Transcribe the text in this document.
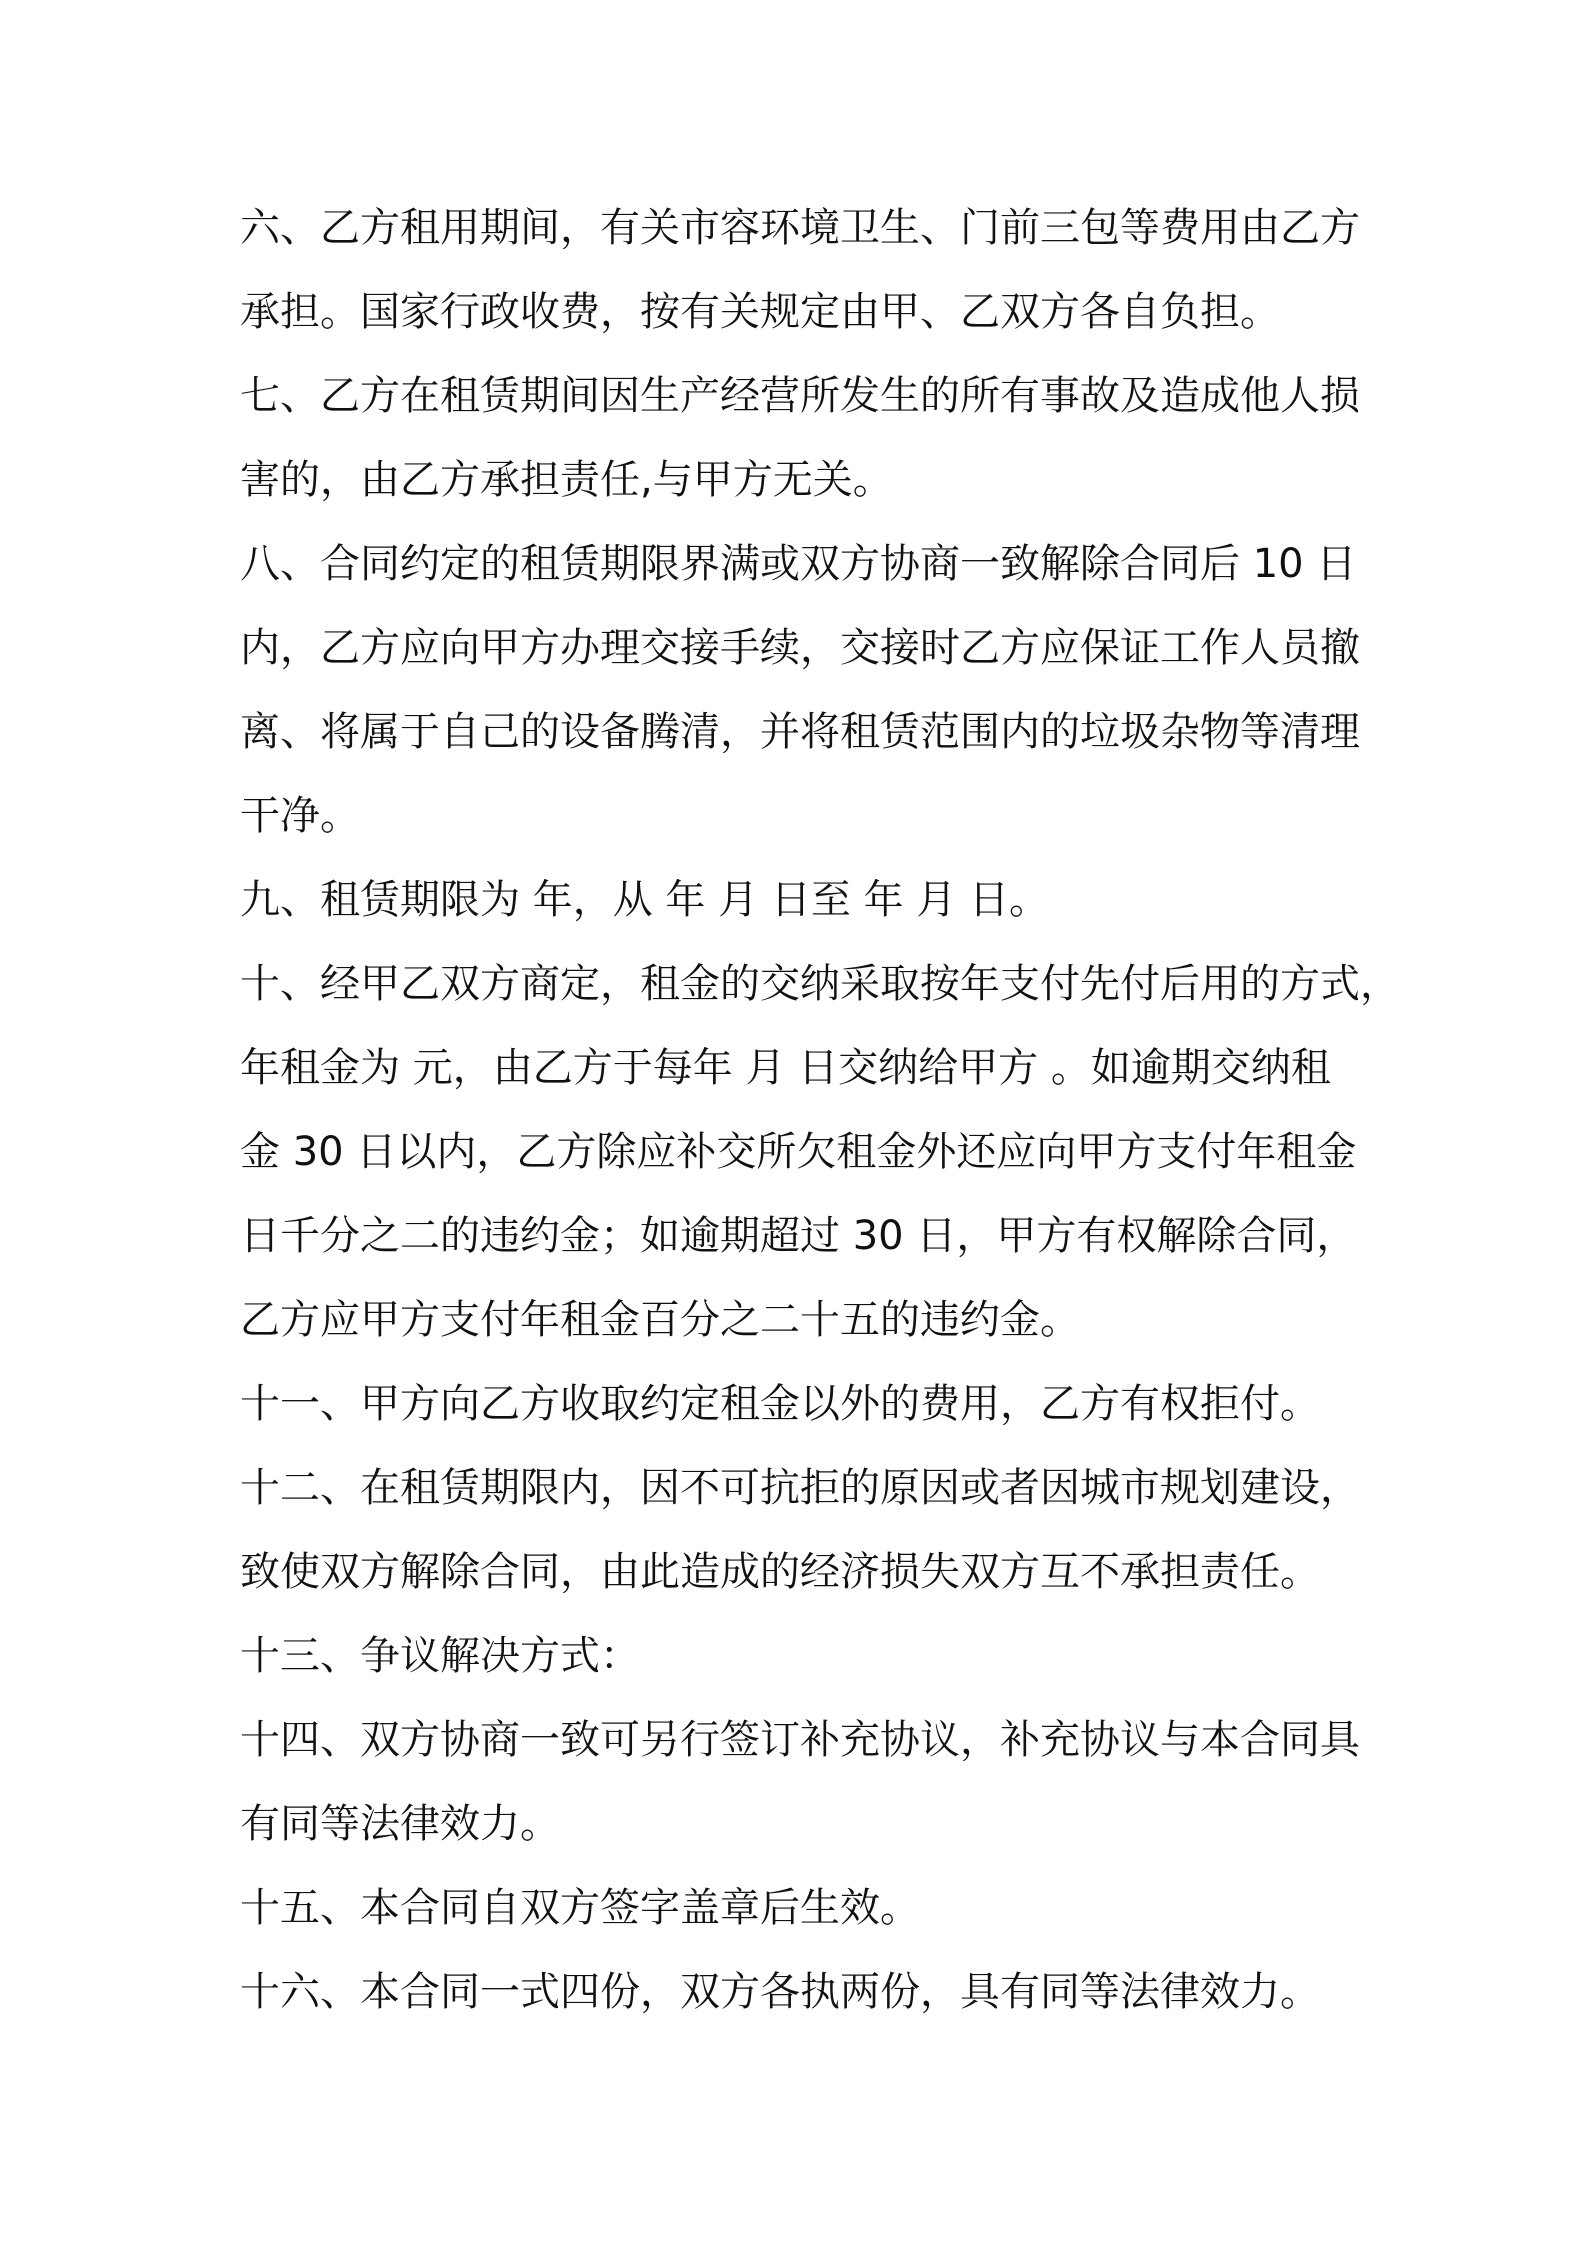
六、乙方租用期间，有关市容环境卫生、门前三包等费用由乙方
承担。国家行政收费，按有关规定由甲、乙双方各自负担。
七、乙方在租赁期间因生产经营所发生的所有事故及造成他人损
害的，由乙方承担责任,与甲方无关。
八、合同约定的租赁期限界满或双方协商一致解除合同后 10 日
内，乙方应向甲方办理交接手续，交接时乙方应保证工作人员撤
离、将属于自己的设备腾清，并将租赁范围内的垃圾杂物等清理
干净。
九、租赁期限为 年，从 年 月 日至 年 月 日。
十、经甲乙双方商定，租金的交纳采取按年支付先付后用的方式，
年租金为 元，由乙方于每年 月 日交纳给甲方 。如逾期交纳租
金 30 日以内，乙方除应补交所欠租金外还应向甲方支付年租金
日千分之二的违约金；如逾期超过 30 日，甲方有权解除合同，
乙方应甲方支付年租金百分之二十五的违约金。
十一、甲方向乙方收取约定租金以外的费用，乙方有权拒付。
十二、在租赁期限内，因不可抗拒的原因或者因城市规划建设，
致使双方解除合同，由此造成的经济损失双方互不承担责任。
十三、争议解决方式：
十四、双方协商一致可另行签订补充协议，补充协议与本合同具
有同等法律效力。
十五、本合同自双方签字盖章后生效。
十六、本合同一式四份，双方各执两份，具有同等法律效力。
